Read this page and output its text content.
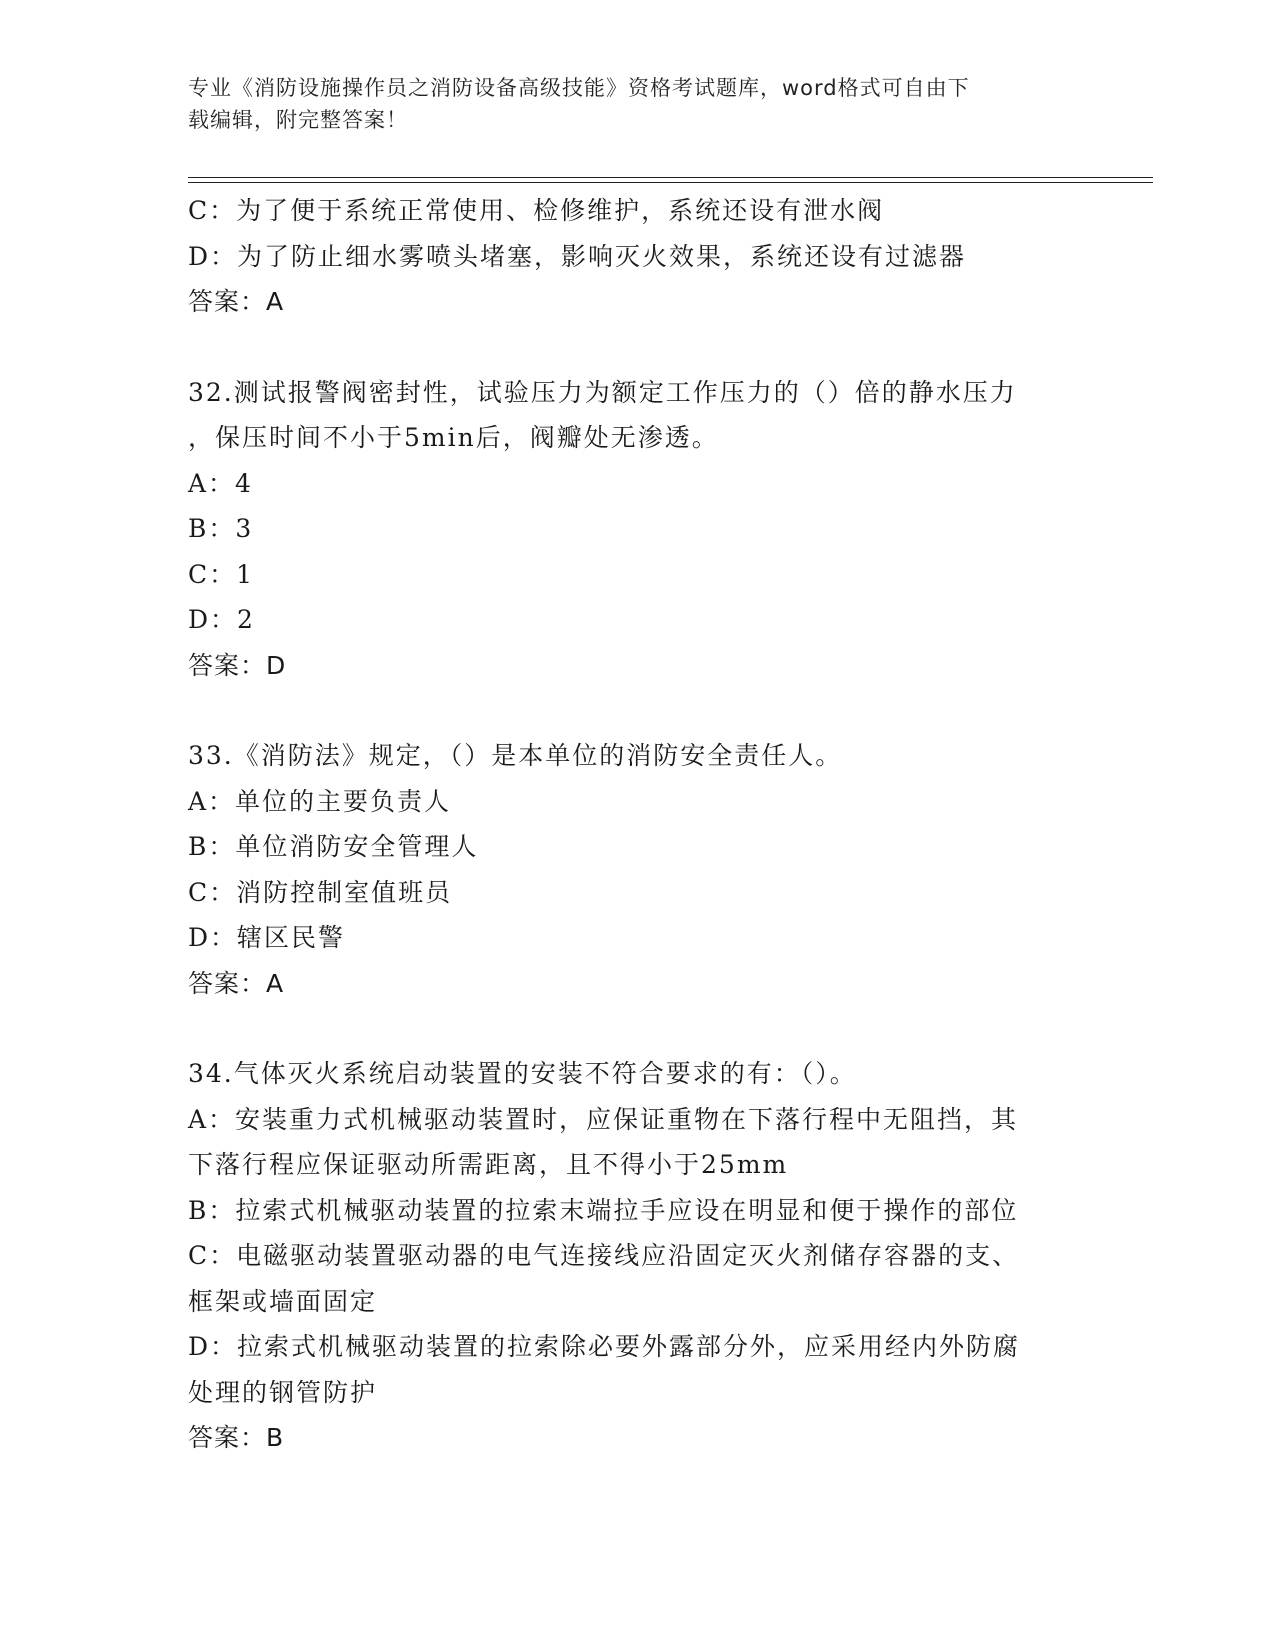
专业《消防设施操作员之消防设备高级技能》资格考试题库，word格式可自由下
载编辑，附完整答案！
C：为了便于系统正常使用、检修维护，系统还设有泄水阀
D：为了防止细水雾喷头堵塞，影响灭火效果，系统还设有过滤器
答案：A
32.测试报警阀密封性，试验压力为额定工作压力的（）倍的静水压力
，保压时间不小于5min后，阀瓣处无渗透。
A：4
B：3
C：1
D：2
答案：D
33.《消防法》规定，（）是本单位的消防安全责任人。
A：单位的主要负责人
B：单位消防安全管理人
C：消防控制室值班员
D：辖区民警
答案：A
34.气体灭火系统启动装置的安装不符合要求的有：（）。
A：安装重力式机械驱动装置时，应保证重物在下落行程中无阻挡，其
下落行程应保证驱动所需距离，且不得小于25mm
B：拉索式机械驱动装置的拉索末端拉手应设在明显和便于操作的部位
C：电磁驱动装置驱动器的电气连接线应沿固定灭火剂储存容器的支、
框架或墙面固定
D：拉索式机械驱动装置的拉索除必要外露部分外，应采用经内外防腐
处理的钢管防护
答案：B
